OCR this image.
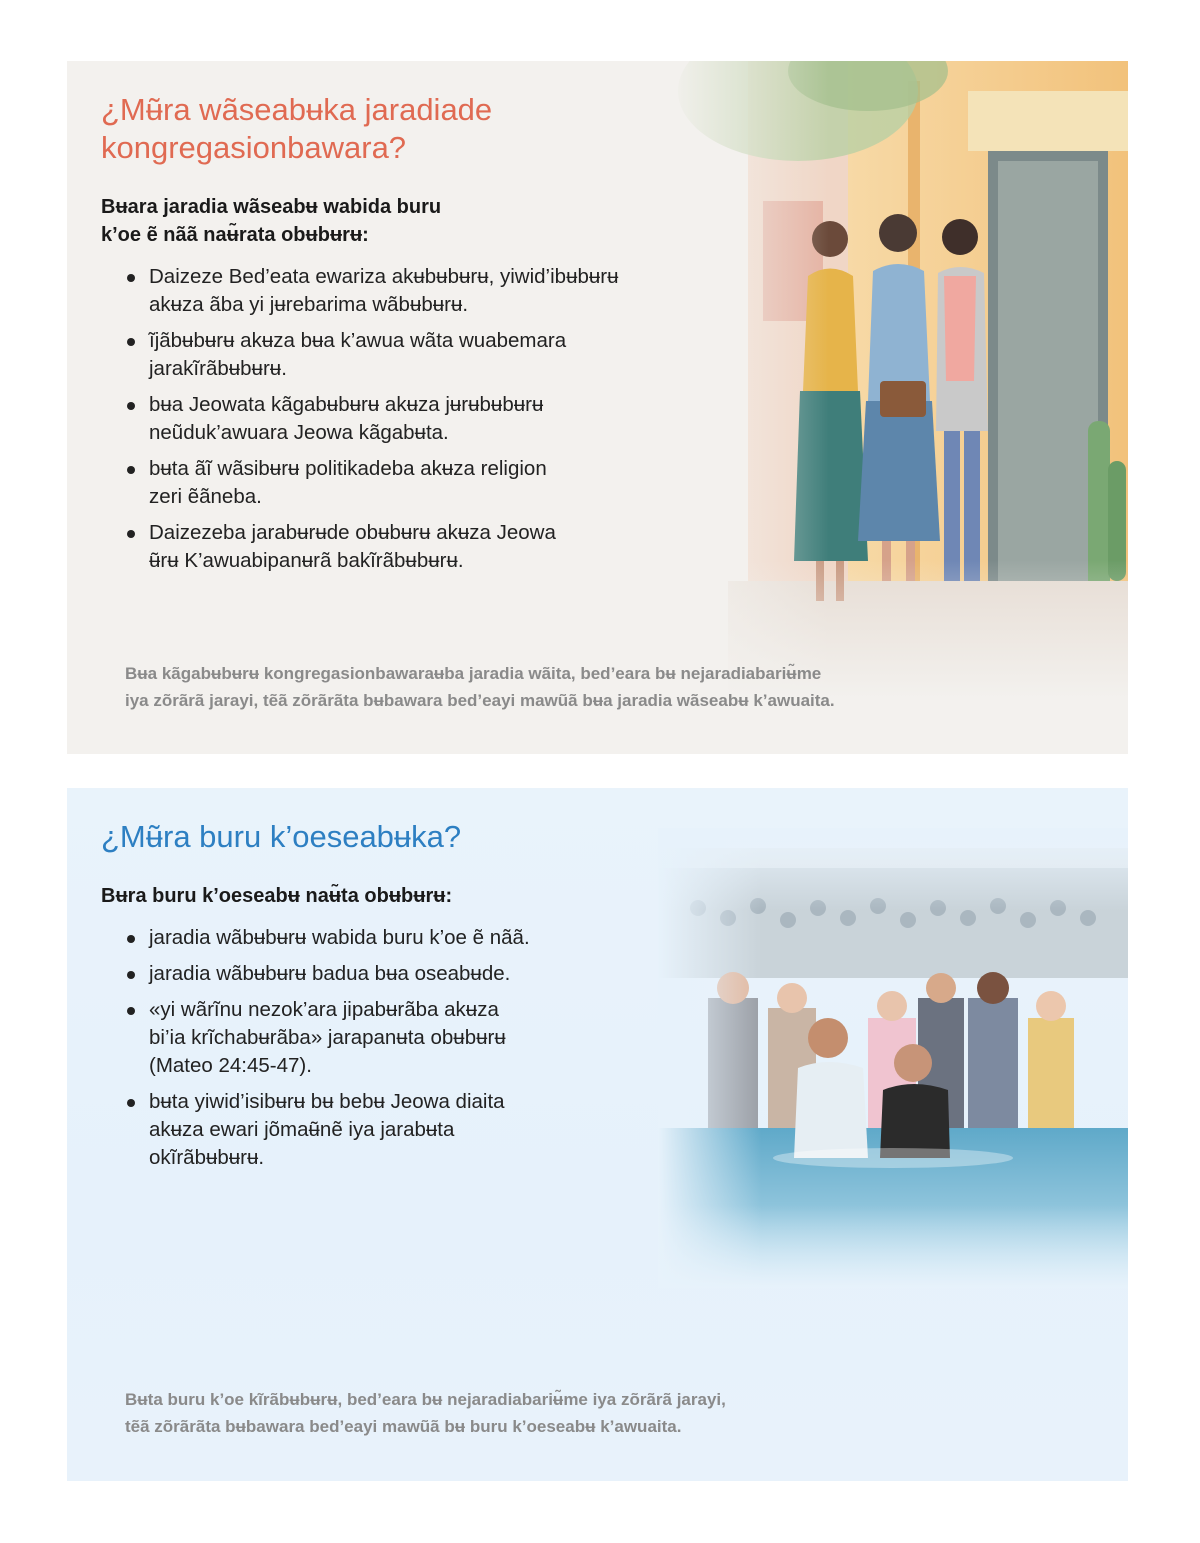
¿Mʉ̃ra wãseabʉka jaradiade
kongregasionbawara?

Bʉara jaradia wãseabʉ wabida buru
k’oe ẽ nãã naʉ̃rata obʉbʉrʉ:

Daizeze Bed’eata ewariza akʉbʉbʉrʉ, yiwid’ibʉbʉrʉ
akʉza ãba yi jʉrebarima wãbʉbʉrʉ.
ĩjãbʉbʉrʉ akʉza bʉa k’awua wãta wuabemara
jarakĩrãbʉbʉrʉ.
bʉa Jeowata kãgabʉbʉrʉ akʉza jʉrʉbʉbʉrʉ
neũduk’awuara Jeowa kãgabʉta.
bʉta ãĩ wãsibʉrʉ politikadeba akʉza religion
zeri ẽãneba.
Daizezeba jarabʉrʉde obʉbʉrʉ akʉza Jeowa
ʉ̃rʉ K’awuabipanʉrã bakĩrãbʉbʉrʉ.
Bʉa kãgabʉbʉrʉ kongregasionbawaraʉba jaradia wãita, bed’eara bʉ nejaradiabariʉ̃me
iya zõrãrã jarayi, tẽã zõrãrãta bʉbawara bed’eayi mawũã bʉa jaradia wãseabʉ k’awuaita.
¿Mʉ̃ra buru k’oeseabʉka?

Bʉra buru k’oeseabʉ naʉ̃ta obʉbʉrʉ:

jaradia wãbʉbʉrʉ wabida buru k’oe ẽ nãã.
jaradia wãbʉbʉrʉ badua bʉa oseabʉde.
«yi wãrĩnu nezok’ara jipabʉrãba akʉza
bi’ia krĩchabʉrãba» jarapanʉta obʉbʉrʉ
(Mateo 24:45-47).
bʉta yiwid’isibʉrʉ bʉ bebʉ Jeowa diaita
akʉza ewari jõmaʉ̃nẽ iya jarabʉta
okĩrãbʉbʉrʉ.
Bʉta buru k’oe kĩrãbʉbʉrʉ, bed’eara bʉ nejaradiabariʉ̃me iya zõrãrã jarayi,
tẽã zõrãrãta bʉbawara bed’eayi mawũã bʉ buru k’oeseabʉ k’awuaita.
